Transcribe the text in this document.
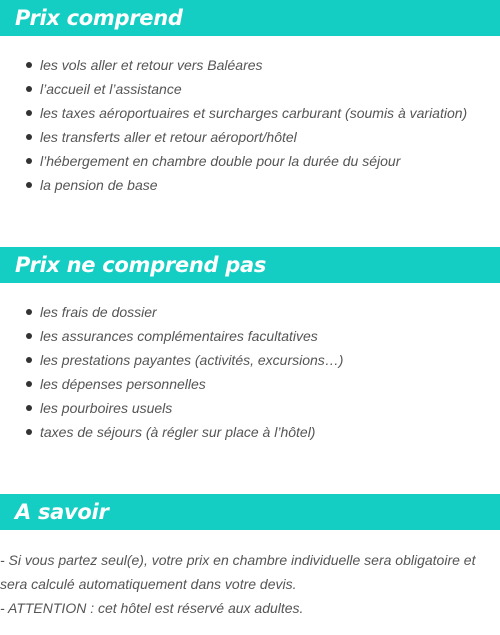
Prix comprend
les vols aller et retour vers Baléares
l’accueil et l’assistance
les taxes aéroportuaires et surcharges carburant (soumis à variation)
les transferts aller et retour aéroport/hôtel
l’hébergement en chambre double pour la durée du séjour
la pension de base
Prix ne comprend pas
les frais de dossier
les assurances complémentaires facultatives
les prestations payantes (activités, excursions…)
les dépenses personnelles
les pourboires usuels
taxes de séjours (à régler sur place à l’hôtel)
A savoir

- Si vous partez seul(e), votre prix en chambre individuelle sera obligatoire et sera calculé automatiquement dans votre devis.

- ATTENTION : cet hôtel est réservé aux adultes.
